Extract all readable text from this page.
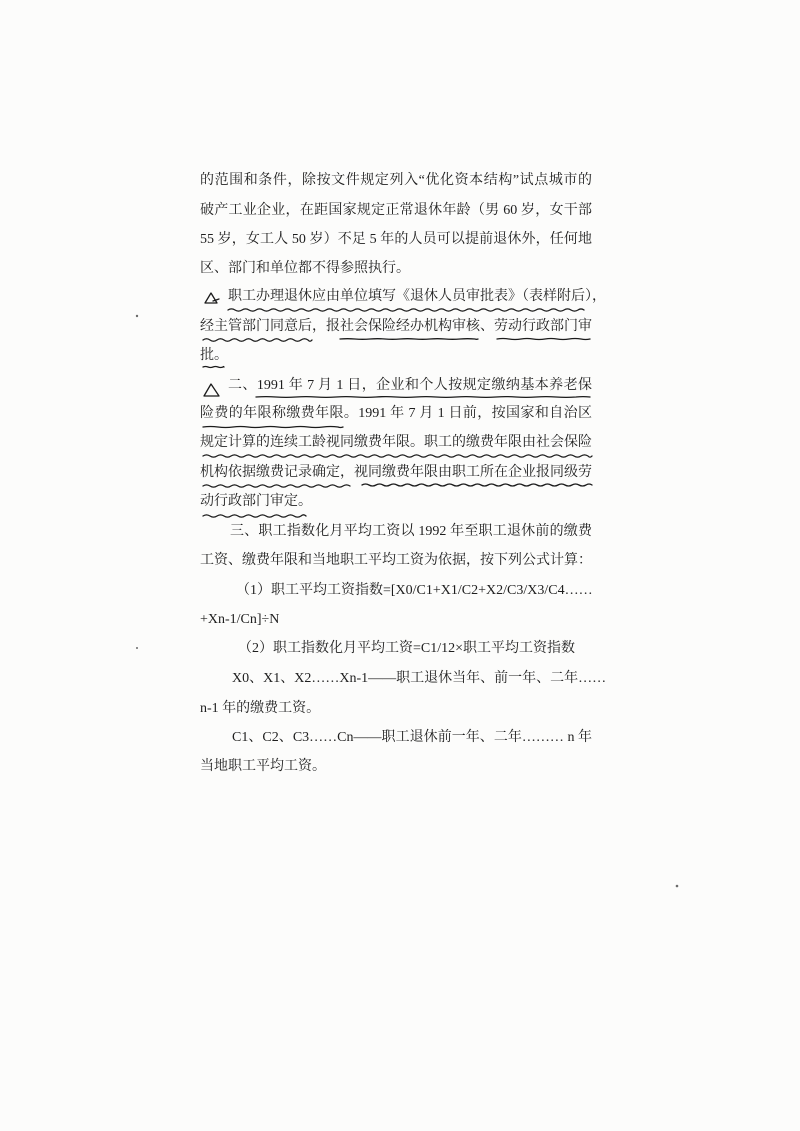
的范围和条件，除按文件规定列入“优化资本结构”试点城市的
破产工业企业，在距国家规定正常退休年龄（男 60 岁，女干部
55 岁，女工人 50 岁）不足 5 年的人员可以提前退休外，任何地
区、部门和单位都不得参照执行。
职工办理退休应由单位填写《退休人员审批表》（表样附后），
经主管部门同意后，报社会保险经办机构审核、劳动行政部门审
批。
二、1991 年 7 月 1 日，企业和个人按规定缴纳基本养老保
险费的年限称缴费年限。1991 年 7 月 1 日前，按国家和自治区
规定计算的连续工龄视同缴费年限。职工的缴费年限由社会保险
机构依据缴费记录确定，视同缴费年限由职工所在企业报同级劳
动行政部门审定。
三、职工指数化月平均工资以 1992 年至职工退休前的缴费
工资、缴费年限和当地职工平均工资为依据，按下列公式计算：
（1）职工平均工资指数=[X0/C1+X1/C2+X2/C3/X3/C4……
+Xn-1/Cn]÷N
（2）职工指数化月平均工资=C1/12×职工平均工资指数
X0、X1、X2……Xn-1——职工退休当年、前一年、二年……
n-1 年的缴费工资。
C1、C2、C3……Cn——职工退休前一年、二年……… n 年
当地职工平均工资。
